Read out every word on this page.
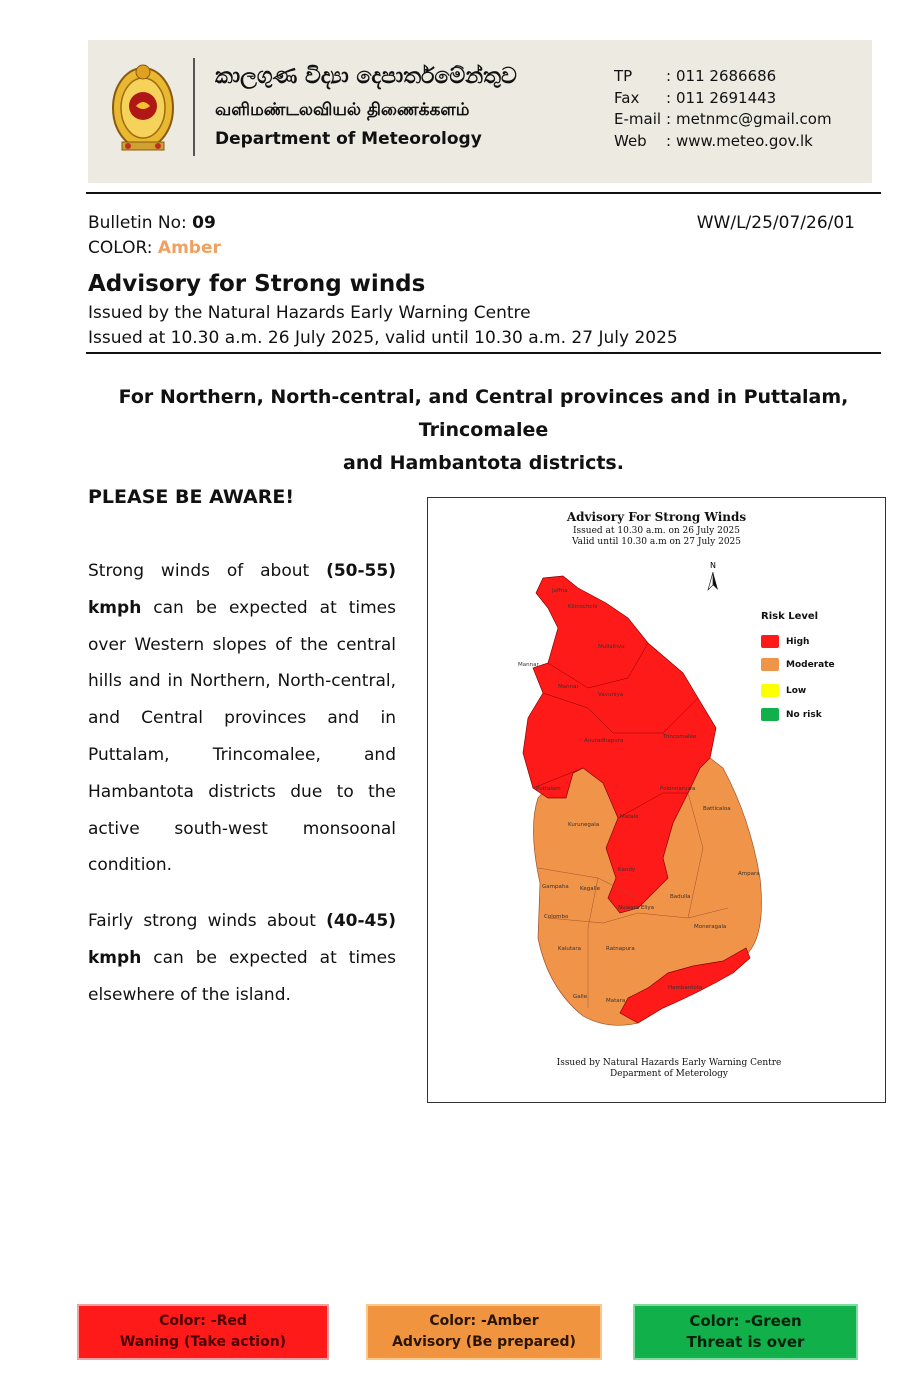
කාලගුණ විද්‍යා දෙපාර්තමේන්තුව
வளிமண்டலவியல் திணைக்களம்
Department of Meteorology
TP	: 011 2686686
Fax	: 011 2691443
E-mail : metnmc@gmail.com
Web	: www.meteo.gov.lk
Bulletin No: 09	WW/L/25/07/26/01
COLOR: Amber
Advisory for Strong winds
Issued by the Natural Hazards Early Warning Centre
Issued at 10.30 a.m. 26 July 2025, valid until 10.30 a.m. 27 July 2025
For Northern, North-central, and Central provinces and in Puttalam, Trincomalee
and Hambantota districts.
PLEASE BE AWARE!
Strong winds of about (50-55) kmph can be expected at times over Western slopes of the central hills and in Northern, North-central, and Central provinces and in Puttalam, Trincomalee, and Hambantota districts due to the active south-west monsoonal condition.
Fairly strong winds about (40-45) kmph can be expected at times elsewhere of the island.
Advisory For Strong Winds
Issued at 10.30 a.m. on 26 July 2025
Valid until 10.30 a.m on 27 July 2025
N
Risk Level
High
Moderate
Low
No risk
Jaffna
Kilinochchi
Mullaitivu
Mannar
Mannar
Vavuniya
Anuradhapura
Trincomalee
Polonnaruwa
Puttalam
Kurunegala
Matale
Batticaloa
Kandy
Ampara
Gampaha Kegalle
Badulla
Nuwara Eliya
Colombo
Moneragala
Kalutara	Ratnapura
Hambantota
Galle
Matara
Issued by Natural Hazards Early Warning Centre
Deparment of Meterology
Color: -Red
Waning (Take action)
Color: -Amber
Advisory (Be prepared)
Color: -Green
Threat is over
